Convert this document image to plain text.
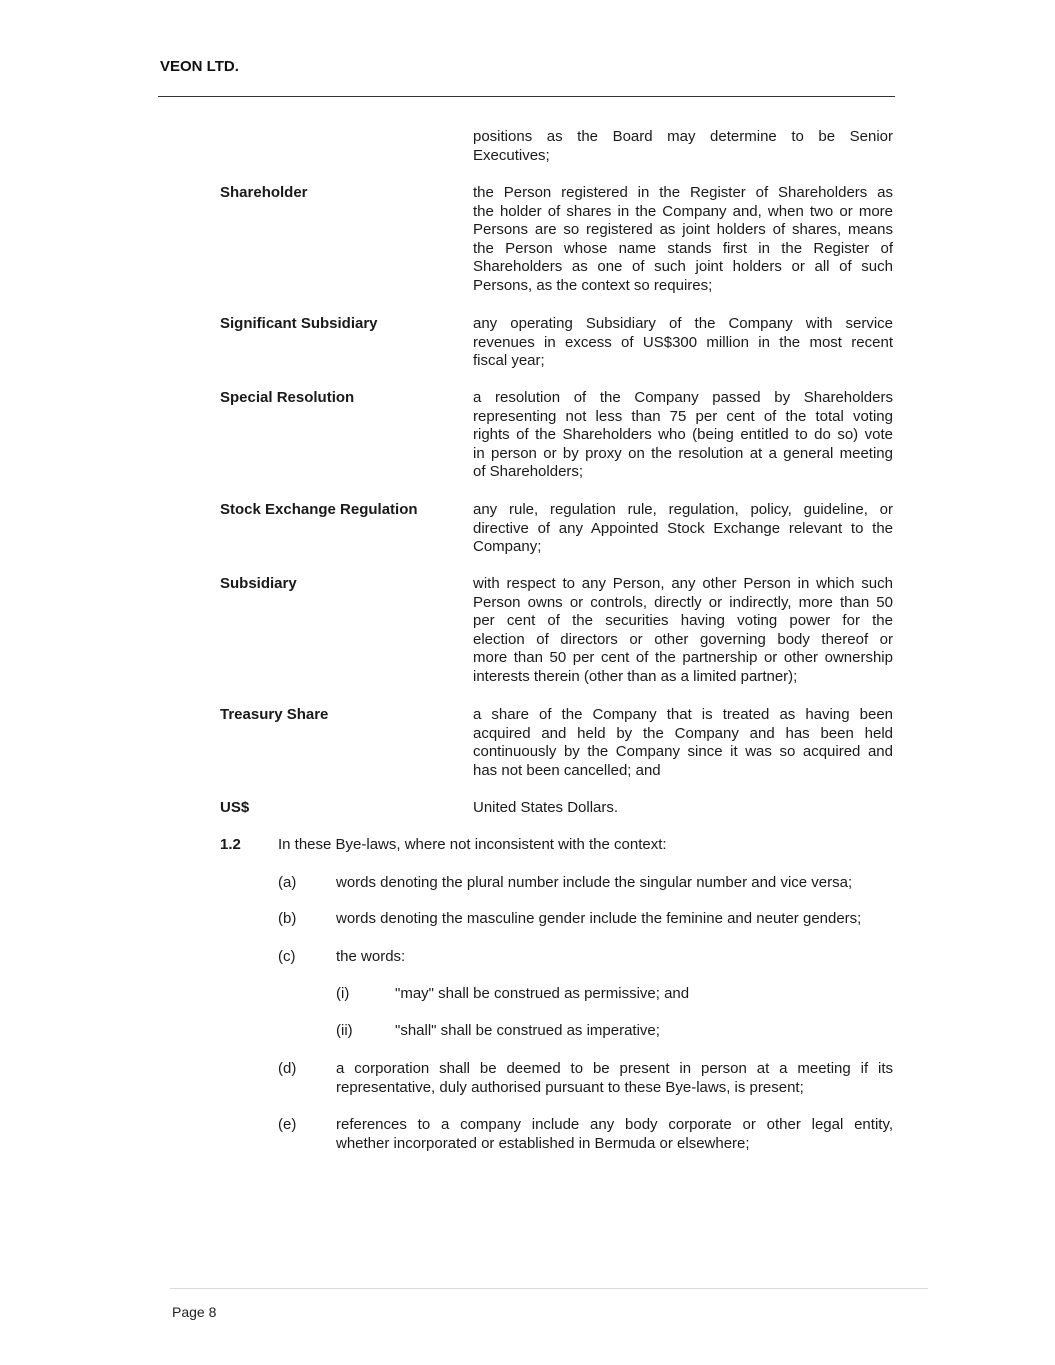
VEON LTD.
positions as the Board may determine to be Senior
Executives;
Shareholder	the Person registered in the Register of Shareholders as
the holder of shares in the Company and, when two or more
Persons are so registered as joint holders of shares, means
the Person whose name stands first in the Register of
Shareholders as one of such joint holders or all of such
Persons, as the context so requires;
Significant Subsidiary	any operating Subsidiary of the Company with service
revenues in excess of US$300 million in the most recent
fiscal year;
Special Resolution	a resolution of the Company passed by Shareholders
representing not less than 75 per cent of the total voting
rights of the Shareholders who (being entitled to do so) vote
in person or by proxy on the resolution at a general meeting
of Shareholders;
Stock Exchange Regulation	any rule, regulation rule, regulation, policy, guideline, or
directive of any Appointed Stock Exchange relevant to the
Company;
Subsidiary	with respect to any Person, any other Person in which such
Person owns or controls, directly or indirectly, more than 50
per cent of the securities having voting power for the
election of directors or other governing body thereof or
more than 50 per cent of the partnership or other ownership
interests therein (other than as a limited partner);
Treasury Share	a share of the Company that is treated as having been
acquired and held by the Company and has been held
continuously by the Company since it was so acquired and
has not been cancelled; and
US$	United States Dollars.
1.2 In these Bye-laws, where not inconsistent with the context:
(a)	words denoting the plural number include the singular number and vice versa;
(b)	words denoting the masculine gender include the feminine and neuter genders;
(c)	the words:
(i)	"may" shall be construed as permissive; and
(ii)	"shall" shall be construed as imperative;
(d)	a corporation shall be deemed to be present in person at a meeting if its
representative, duly authorised pursuant to these Bye-laws, is present;
(e)	references to a company include any body corporate or other legal entity,
whether incorporated or established in Bermuda or elsewhere;
Page 8
